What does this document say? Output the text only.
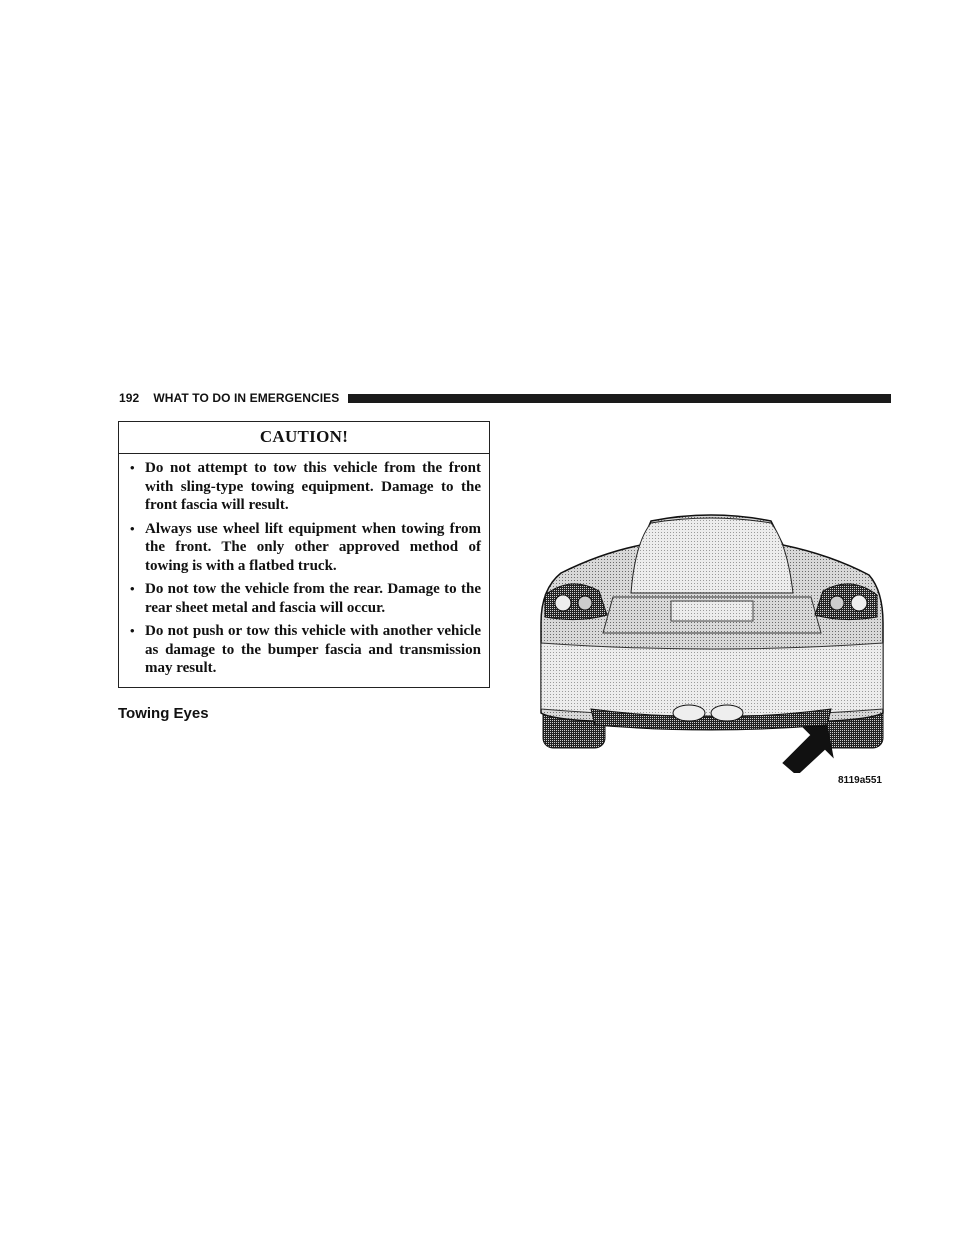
192 WHAT TO DO IN EMERGENCIES
CAUTION!
• Do not attempt to tow this vehicle from the front with sling-type towing equipment. Damage to the front fascia will result.
• Always use wheel lift equipment when towing from the front. The only other approved method of towing is with a flatbed truck.
• Do not tow the vehicle from the rear. Damage to the rear sheet metal and fascia will occur.
• Do not push or tow this vehicle with another vehicle as damage to the bumper fascia and transmission may result.
Towing Eyes
8119a551
